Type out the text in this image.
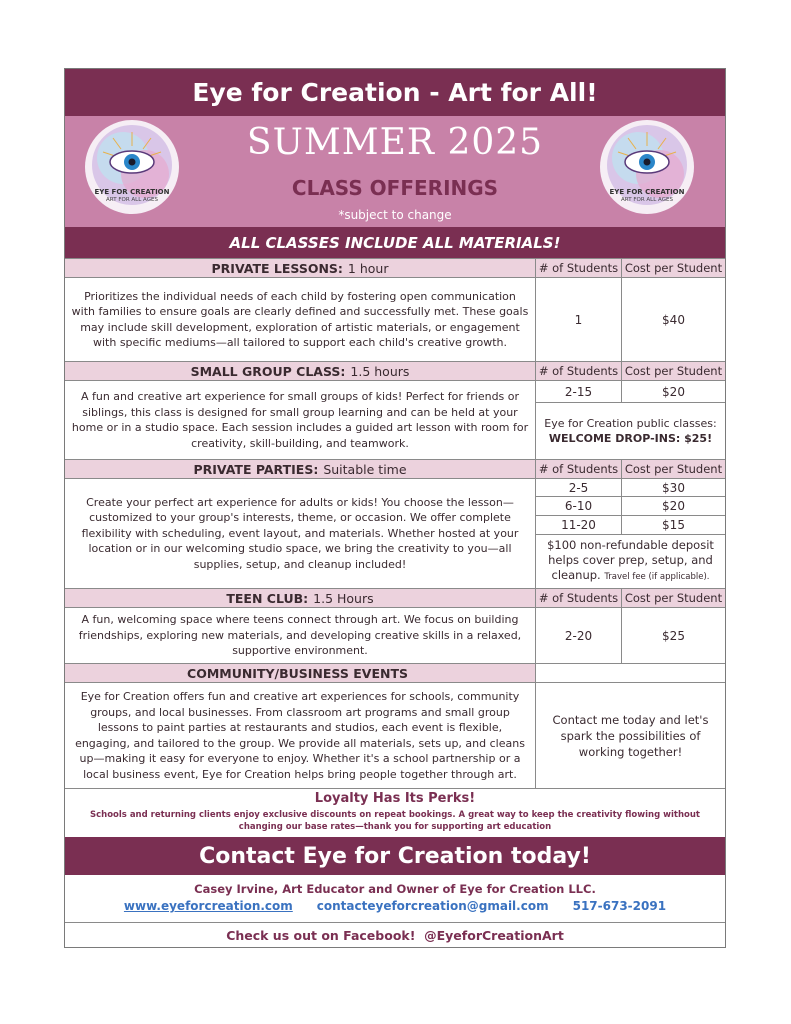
Eye for Creation - Art for All!
EYE FOR CREATION
ART FOR ALL AGES
EYE FOR CREATION
ART FOR ALL AGES
SUMMER 2025
CLASS OFFERINGS
*subject to change
ALL CLASSES INCLUDE ALL MATERIALS!
PRIVATE LESSONS: 1 hour	# of Students Cost per Student
Prioritizes the individual needs of each child by fostering open communication with families to ensure goals are clearly defined and successfully met. These goals may include skill development, exploration of artistic materials, or engagement with specific mediums—all tailored to support each child's creative growth.
1	$40
SMALL GROUP CLASS: 1.5 hours	# of Students Cost per Student
A fun and creative art experience for small groups of kids! Perfect for friends or siblings, this class is designed for small group learning and can be held at your home or in a studio space. Each session includes a guided art lesson with room for creativity, skill-building, and teamwork.
2-15	$20
Eye for Creation public classes:
WELCOME DROP-INS: $25!
PRIVATE PARTIES: Suitable time	# of Students Cost per Student
Create your perfect art experience for adults or kids! You choose the lesson—customized to your group's interests, theme, or occasion. We offer complete flexibility with scheduling, event layout, and materials. Whether hosted at your location or in our welcoming studio space, we bring the creativity to you—all supplies, setup, and cleanup included!
2-5	$30
6-10	$20
11-20	$15
$100 non-refundable deposit helps cover prep, setup, and cleanup. Travel fee (if applicable).
TEEN CLUB: 1.5 Hours	# of Students Cost per Student
A fun, welcoming space where teens connect through art. We focus on building friendships, exploring new materials, and developing creative skills in a relaxed, supportive environment.
2-20	$25
COMMUNITY/BUSINESS EVENTS
Eye for Creation offers fun and creative art experiences for schools, community groups, and local businesses. From classroom art programs and small group lessons to paint parties at restaurants and studios, each event is flexible, engaging, and tailored to the group. We provide all materials, sets up, and cleans up—making it easy for everyone to enjoy. Whether it's a school partnership or a local business event, Eye for Creation helps bring people together through art.
Contact me today and let's spark the possibilities of working together!
Loyalty Has Its Perks!
Schools and returning clients enjoy exclusive discounts on repeat bookings. A great way to keep the creativity flowing without changing our base rates—thank you for supporting art education
Contact Eye for Creation today!
Casey Irvine, Art Educator and Owner of Eye for Creation LLC.
www.eyeforcreation.com contacteyeforcreation@gmail.com 517-673-2091
Check us out on Facebook!  @EyeforCreationArt
